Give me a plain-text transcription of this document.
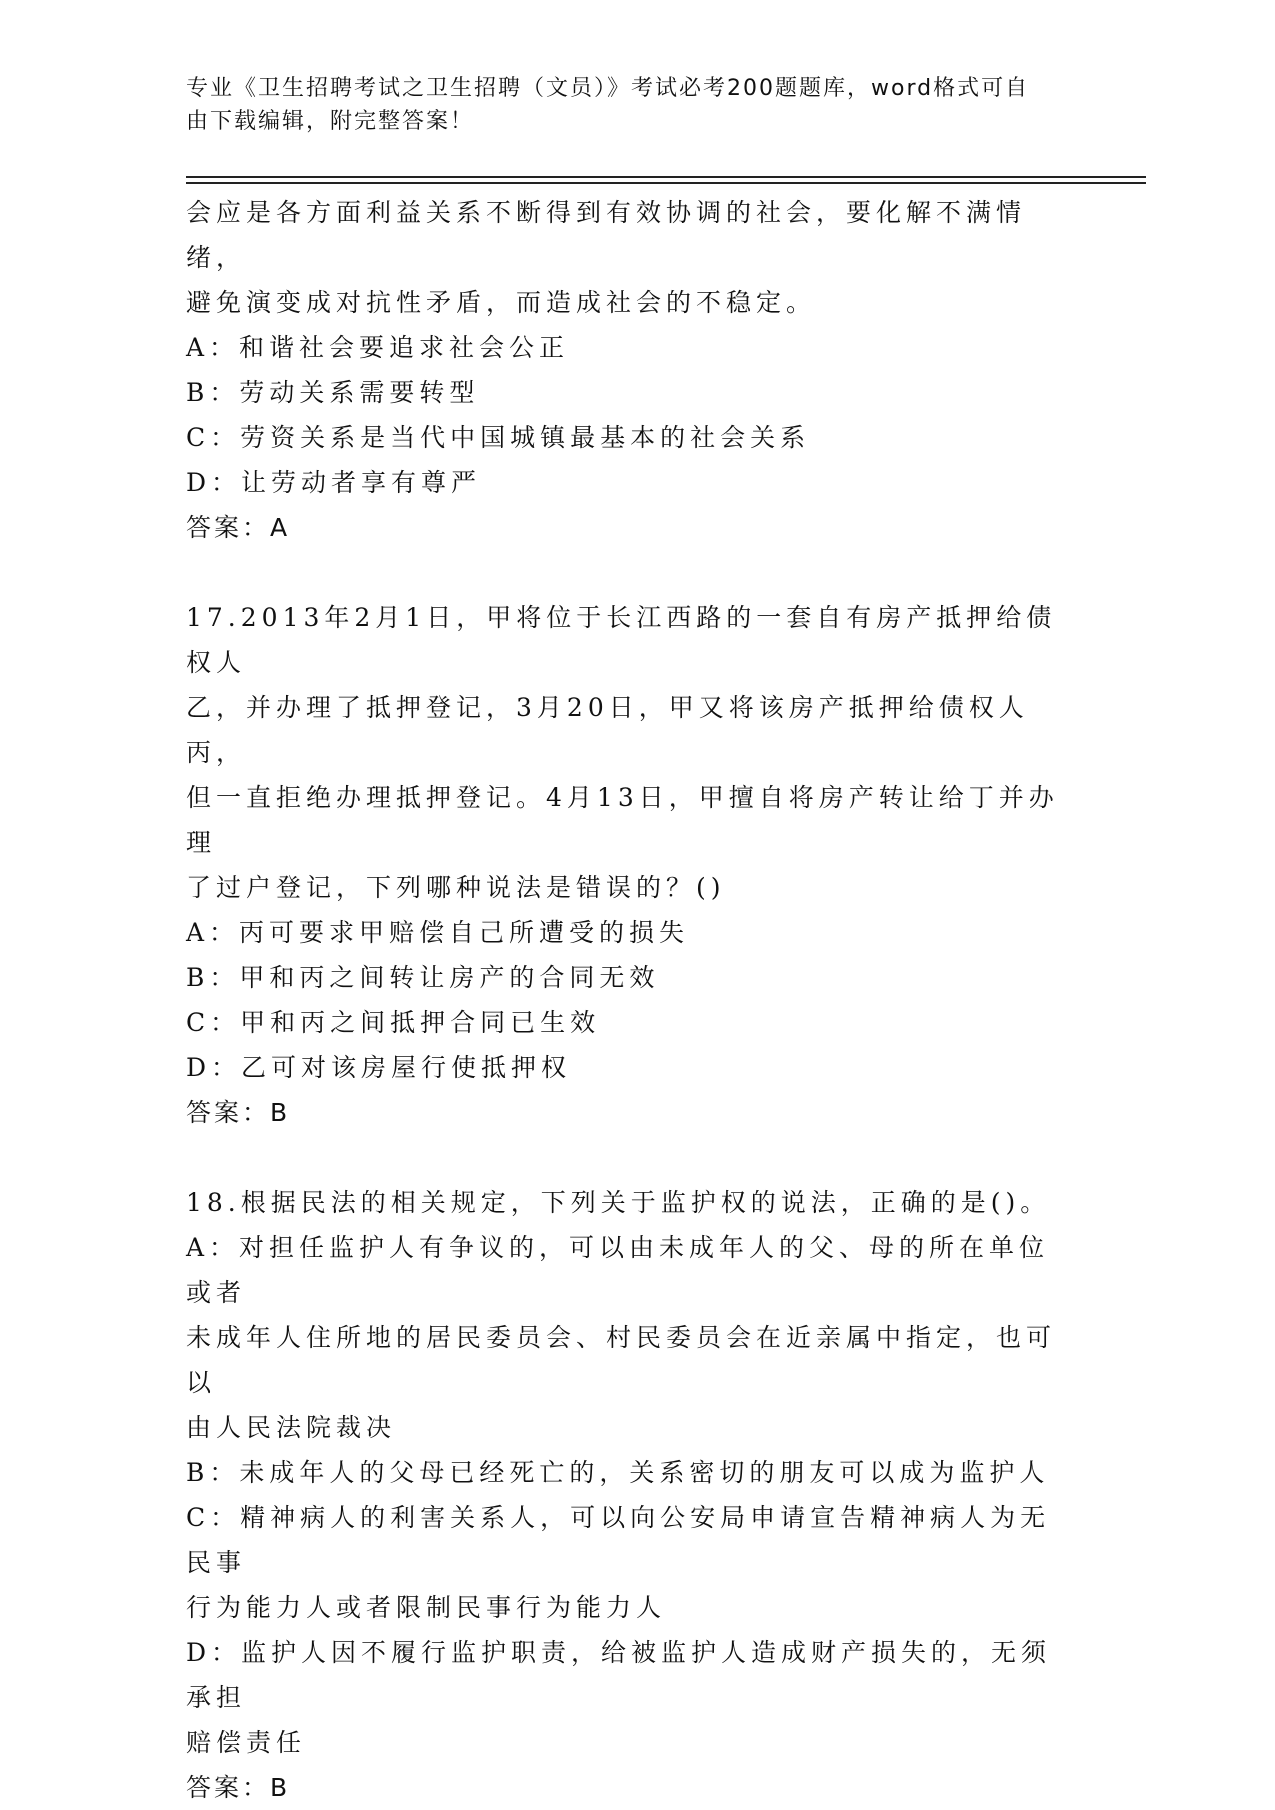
专业《卫生招聘考试之卫生招聘（文员）》考试必考200题题库，word格式可自
由下载编辑，附完整答案！
会应是各方面利益关系不断得到有效协调的社会，要化解不满情绪，
避免演变成对抗性矛盾，而造成社会的不稳定。
A：和谐社会要追求社会公正
B：劳动关系需要转型
C：劳资关系是当代中国城镇最基本的社会关系
D：让劳动者享有尊严
答案：A
17.2013年2月1日，甲将位于长江西路的一套自有房产抵押给债权人
乙，并办理了抵押登记，3月20日，甲又将该房产抵押给债权人丙，
但一直拒绝办理抵押登记。4月13日，甲擅自将房产转让给丁并办理
了过户登记，下列哪种说法是错误的？()
A：丙可要求甲赔偿自己所遭受的损失
B：甲和丙之间转让房产的合同无效
C：甲和丙之间抵押合同已生效
D：乙可对该房屋行使抵押权
答案：B
18.根据民法的相关规定，下列关于监护权的说法，正确的是()。
A：对担任监护人有争议的，可以由未成年人的父、母的所在单位或者
未成年人住所地的居民委员会、村民委员会在近亲属中指定，也可以
由人民法院裁决
B：未成年人的父母已经死亡的，关系密切的朋友可以成为监护人
C：精神病人的利害关系人，可以向公安局申请宣告精神病人为无民事
行为能力人或者限制民事行为能力人
D：监护人因不履行监护职责，给被监护人造成财产损失的，无须承担
赔偿责任
答案：B
